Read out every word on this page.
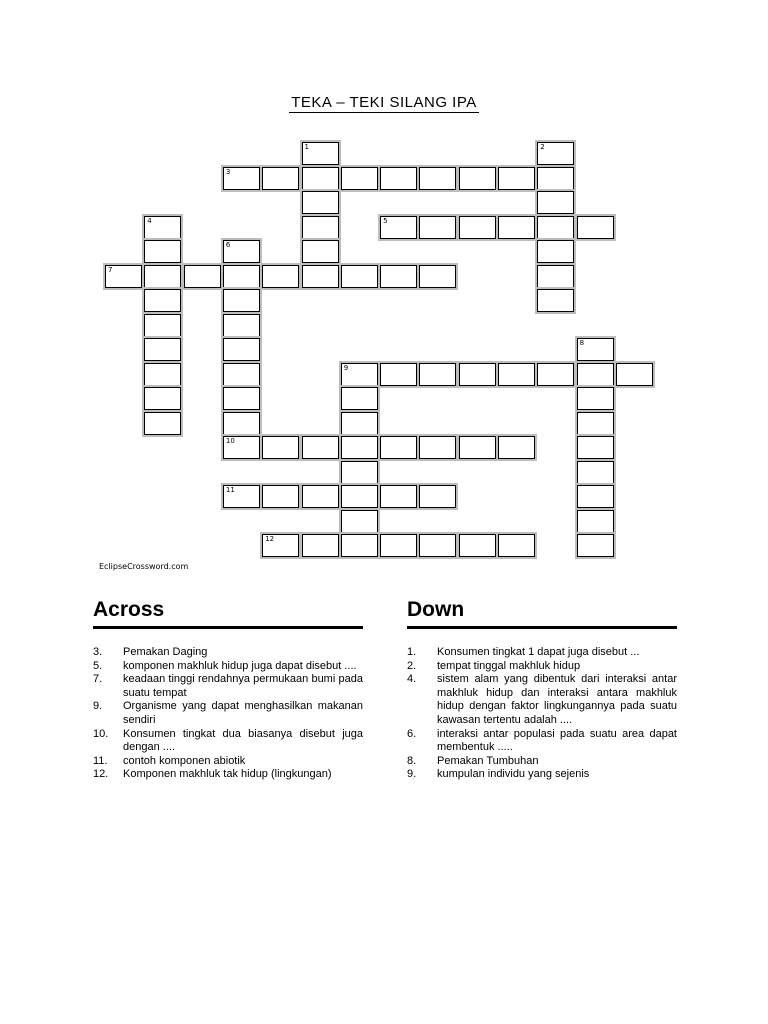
TEKA – TEKI SILANG IPA
1	2
3
4	5
6
10
7
8
9
11
12
EclipseCrossword.com
Across
3.	Pemakan Daging
5.	komponen makhluk hidup juga dapat disebut ....
7.	keadaan tinggi rendahnya permukaan bumi pada suatu tempat
9.	Organisme yang dapat menghasilkan makanan sendiri
10.	Konsumen tingkat dua biasanya disebut juga dengan ....
11.	contoh komponen abiotik
12.	Komponen makhluk tak hidup (lingkungan)
Down
1.	Konsumen tingkat 1 dapat juga disebut ...
2.	tempat tinggal makhluk hidup
4.	sistem alam yang dibentuk dari interaksi antar makhluk hidup dan interaksi antara makhluk hidup dengan faktor lingkungannya pada suatu kawasan tertentu adalah ....
6.	interaksi antar populasi pada suatu area dapat membentuk .....
8.	Pemakan Tumbuhan
9.	kumpulan individu yang sejenis
